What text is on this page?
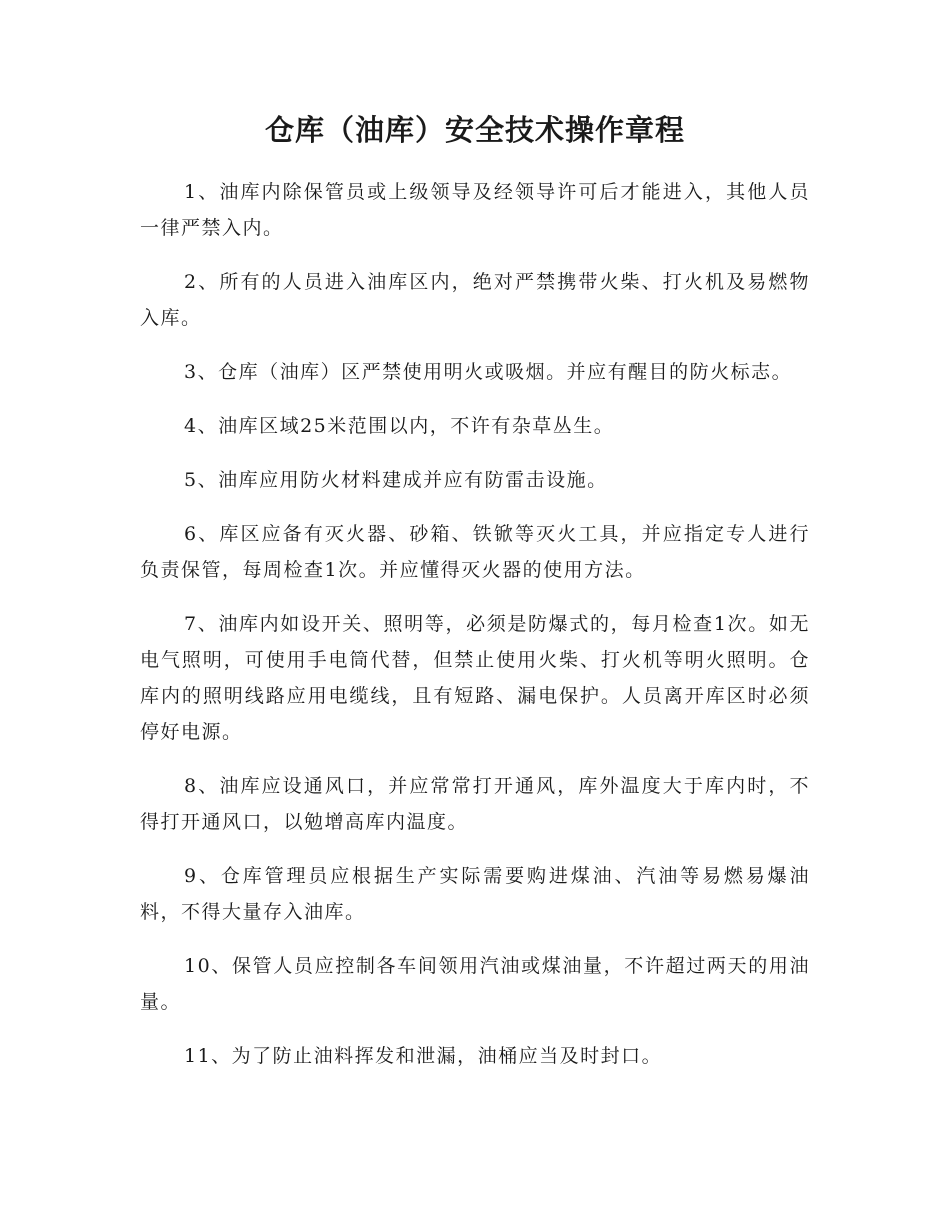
仓库（油库）安全技术操作章程

1、油库内除保管员或上级领导及经领导许可后才能进入，其他人员一律严禁入内。

2、所有的人员进入油库区内，绝对严禁携带火柴、打火机及易燃物入库。

3、仓库（油库）区严禁使用明火或吸烟。并应有醒目的防火标志。

4、油库区域25米范围以内，不许有杂草丛生。

5、油库应用防火材料建成并应有防雷击设施。

6、库区应备有灭火器、砂箱、铁锨等灭火工具，并应指定专人进行负责保管，每周检查1次。并应懂得灭火器的使用方法。

7、油库内如设开关、照明等，必须是防爆式的，每月检查1次。如无电气照明，可使用手电筒代替，但禁止使用火柴、打火机等明火照明。仓库内的照明线路应用电缆线，且有短路、漏电保护。人员离开库区时必须停好电源。

8、油库应设通风口，并应常常打开通风，库外温度大于库内时，不得打开通风口，以勉增高库内温度。

9、仓库管理员应根据生产实际需要购进煤油、汽油等易燃易爆油料，不得大量存入油库。

10、保管人员应控制各车间领用汽油或煤油量，不许超过两天的用油量。

11、为了防止油料挥发和泄漏，油桶应当及时封口。
